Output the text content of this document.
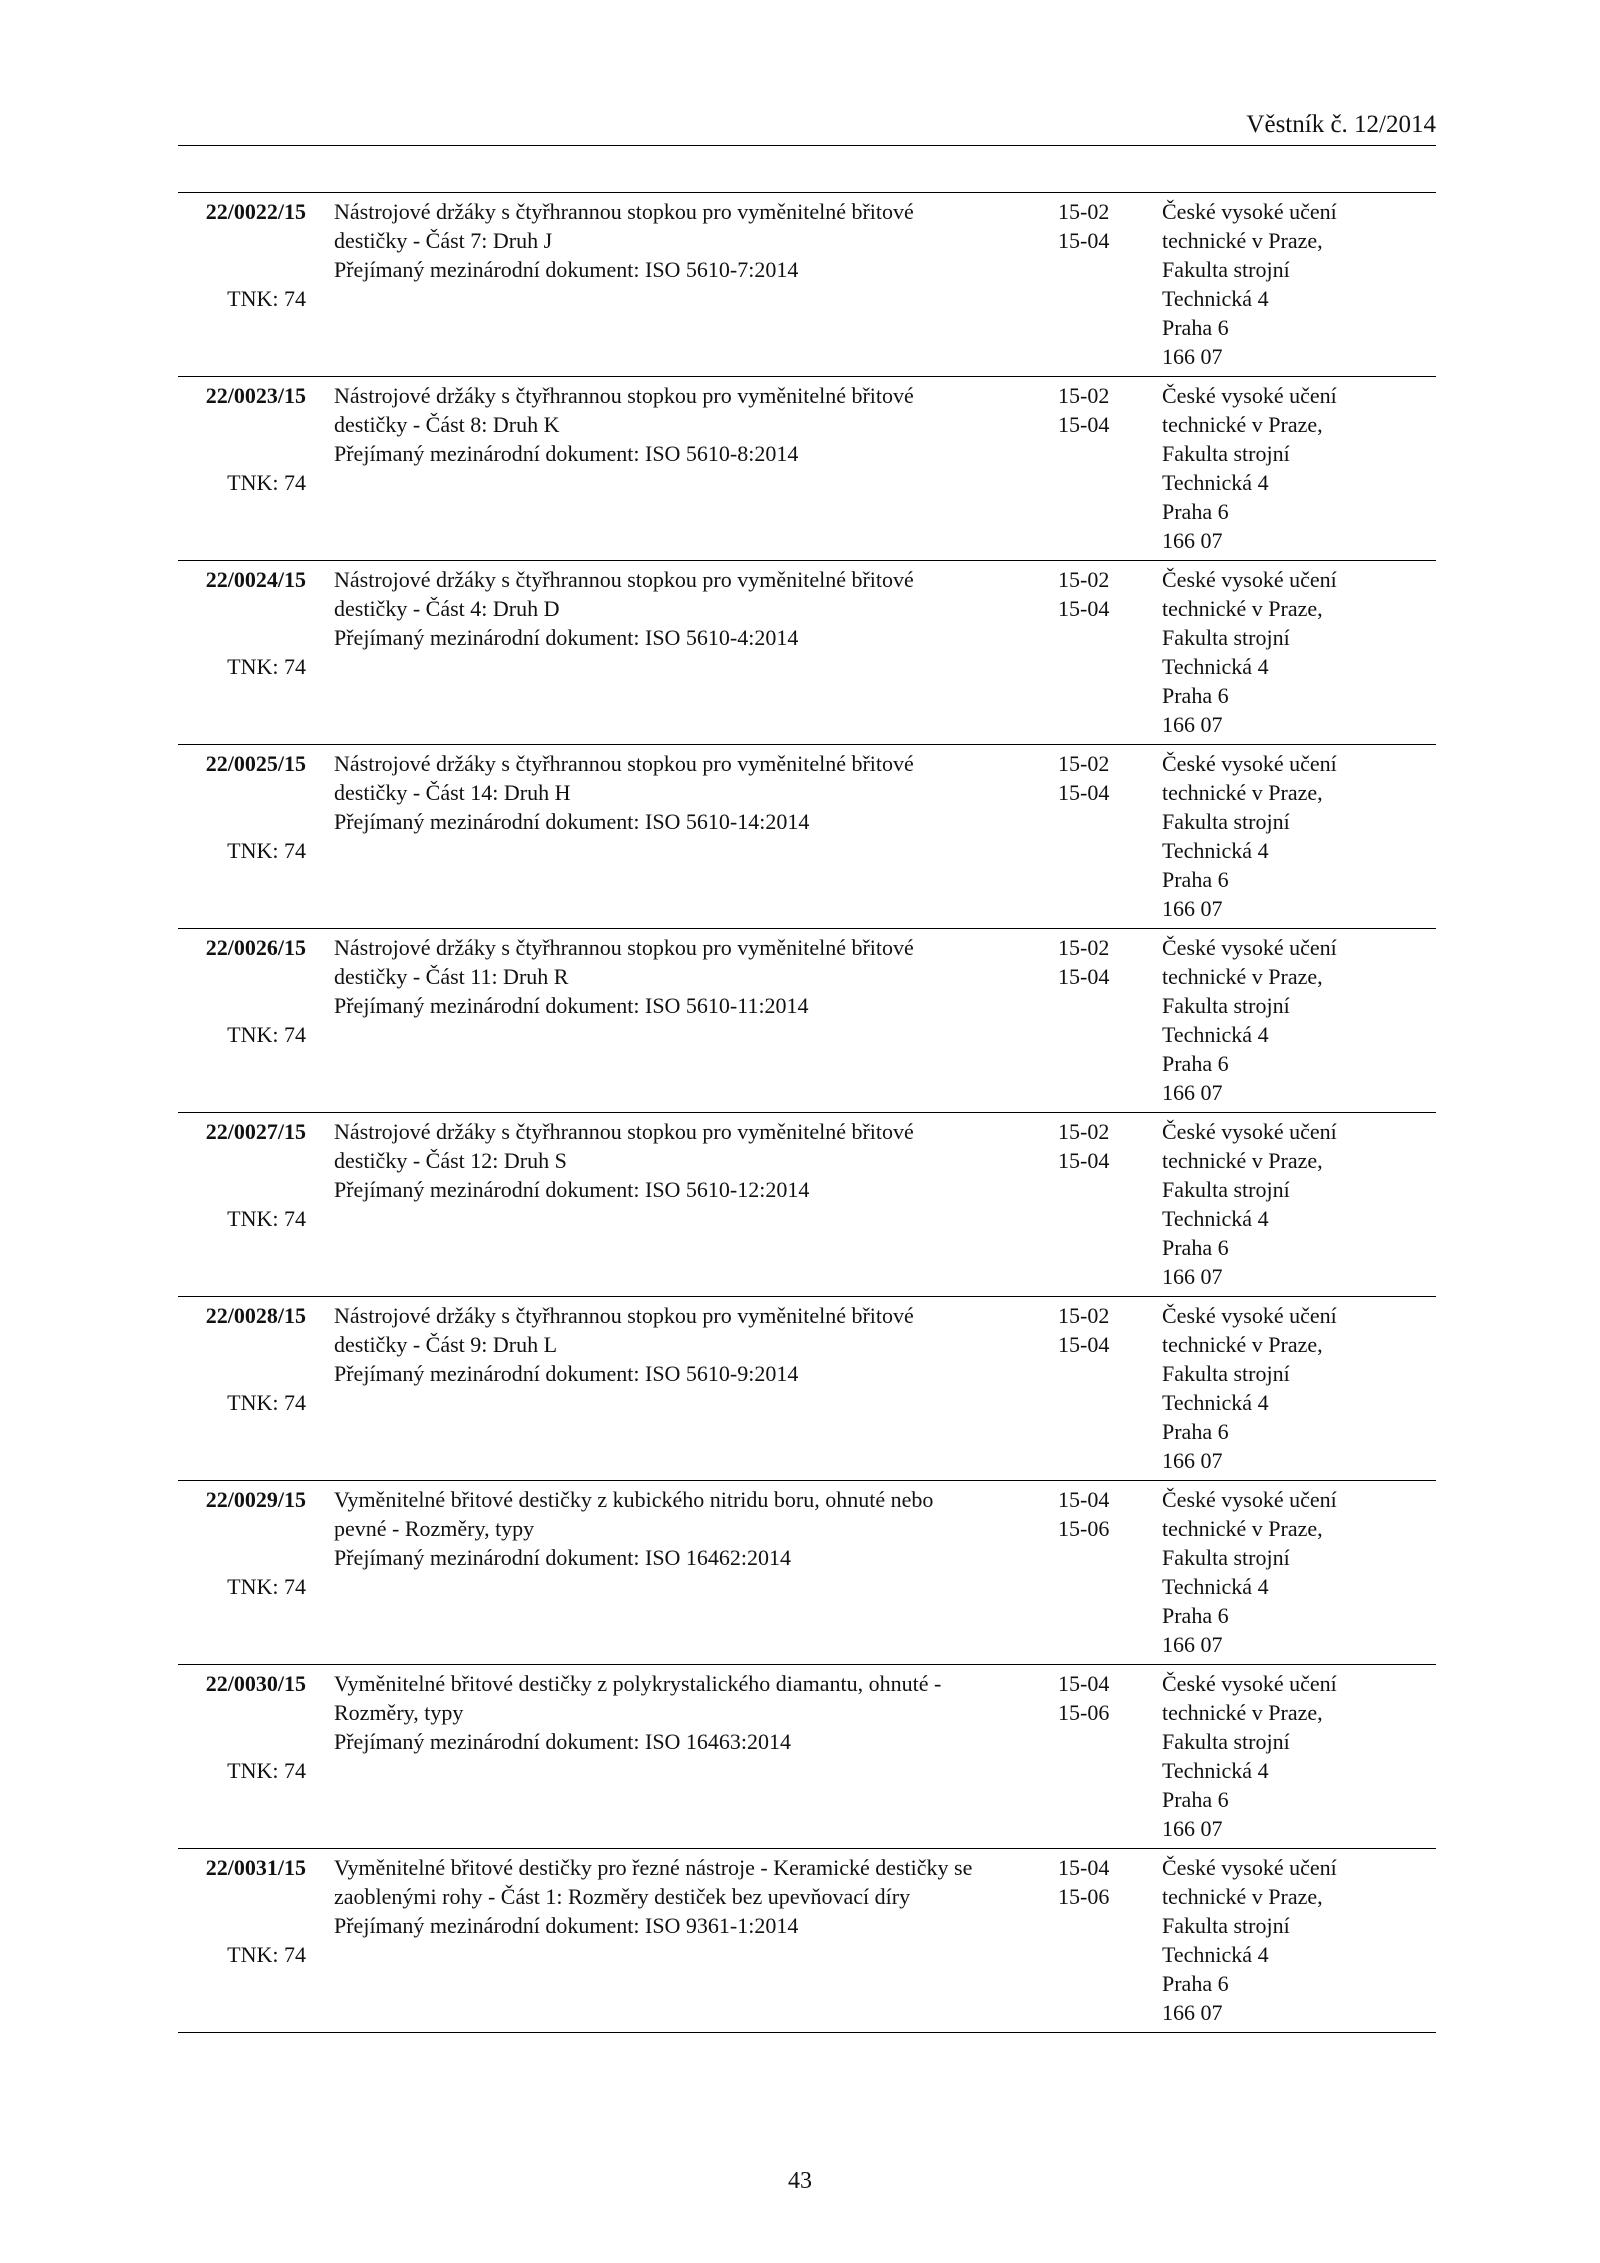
Věstník č. 12/2014
22/0022/15
TNK: 74
Nástrojové držáky s čtyřhrannou stopkou pro vyměnitelné břitové
destičky - Část 7: Druh J
Přejímaný mezinárodní dokument: ISO 5610-7:2014
15-02
15-04
České vysoké učení
technické v Praze,
Fakulta strojní
Technická 4
Praha 6
166 07
22/0023/15
TNK: 74
Nástrojové držáky s čtyřhrannou stopkou pro vyměnitelné břitové
destičky - Část 8: Druh K
Přejímaný mezinárodní dokument: ISO 5610-8:2014
15-02
15-04
České vysoké učení
technické v Praze,
Fakulta strojní
Technická 4
Praha 6
166 07
22/0024/15
TNK: 74
Nástrojové držáky s čtyřhrannou stopkou pro vyměnitelné břitové
destičky - Část 4: Druh D
Přejímaný mezinárodní dokument: ISO 5610-4:2014
15-02
15-04
České vysoké učení
technické v Praze,
Fakulta strojní
Technická 4
Praha 6
166 07
22/0025/15
TNK: 74
Nástrojové držáky s čtyřhrannou stopkou pro vyměnitelné břitové
destičky - Část 14: Druh H
Přejímaný mezinárodní dokument: ISO 5610-14:2014
15-02
15-04
České vysoké učení
technické v Praze,
Fakulta strojní
Technická 4
Praha 6
166 07
22/0026/15
TNK: 74
Nástrojové držáky s čtyřhrannou stopkou pro vyměnitelné břitové
destičky - Část 11: Druh R
Přejímaný mezinárodní dokument: ISO 5610-11:2014
15-02
15-04
České vysoké učení
technické v Praze,
Fakulta strojní
Technická 4
Praha 6
166 07
22/0027/15
TNK: 74
Nástrojové držáky s čtyřhrannou stopkou pro vyměnitelné břitové
destičky - Část 12: Druh S
Přejímaný mezinárodní dokument: ISO 5610-12:2014
15-02
15-04
České vysoké učení
technické v Praze,
Fakulta strojní
Technická 4
Praha 6
166 07
22/0028/15
TNK: 74
Nástrojové držáky s čtyřhrannou stopkou pro vyměnitelné břitové
destičky - Část 9: Druh L
Přejímaný mezinárodní dokument: ISO 5610-9:2014
15-02
15-04
České vysoké učení
technické v Praze,
Fakulta strojní
Technická 4
Praha 6
166 07
22/0029/15
TNK: 74
Vyměnitelné břitové destičky z kubického nitridu boru, ohnuté nebo
pevné - Rozměry, typy
Přejímaný mezinárodní dokument: ISO 16462:2014
15-04
15-06
České vysoké učení
technické v Praze,
Fakulta strojní
Technická 4
Praha 6
166 07
22/0030/15
TNK: 74
Vyměnitelné břitové destičky z polykrystalického diamantu, ohnuté -
Rozměry, typy
Přejímaný mezinárodní dokument: ISO 16463:2014
15-04
15-06
České vysoké učení
technické v Praze,
Fakulta strojní
Technická 4
Praha 6
166 07
22/0031/15
TNK: 74
Vyměnitelné břitové destičky pro řezné nástroje - Keramické destičky se
zaoblenými rohy - Část 1: Rozměry destiček bez upevňovací díry
Přejímaný mezinárodní dokument: ISO 9361-1:2014
15-04
15-06
České vysoké učení
technické v Praze,
Fakulta strojní
Technická 4
Praha 6
166 07
43
